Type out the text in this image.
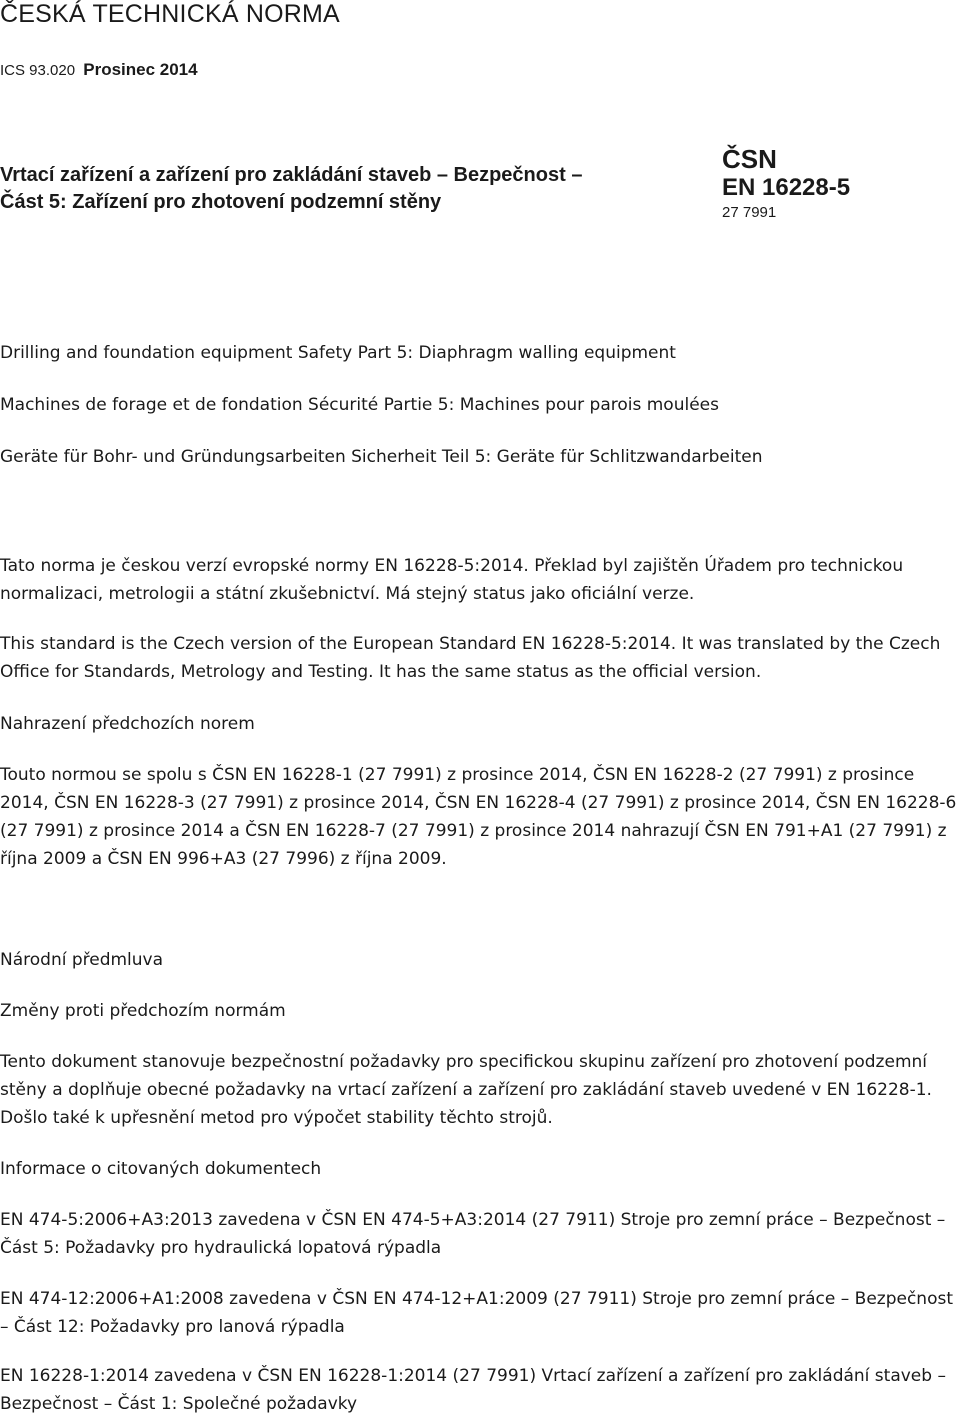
ČESKÁ TECHNICKÁ NORMA
ICS 93.020 Prosinec 2014
Vrtací zařízení a zařízení pro zakládání staveb – Bezpečnost –
Část 5: Zařízení pro zhotovení podzemní stěny
ČSN
EN 16228-5
27 7991
Drilling and foundation equipment Safety Part 5: Diaphragm walling equipment
Machines de forage et de fondation Sécurité Partie 5: Machines pour parois moulées
Geräte für Bohr- und Gründungsarbeiten Sicherheit Teil 5: Geräte für Schlitzwandarbeiten

Tato norma je českou verzí evropské normy EN 16228-5:2014. Překlad byl zajištěn Úřadem pro technickou normalizaci, metrologii a státní zkušebnictví. Má stejný status jako oficiální verze.

This standard is the Czech version of the European Standard EN 16228-5:2014. It was translated by the Czech Office for Standards, Metrology and Testing. It has the same status as the official version.

Nahrazení předchozích norem

Touto normou se spolu s ČSN EN 16228-1 (27 7991) z prosince 2014, ČSN EN 16228-2 (27 7991) z prosince 2014, ČSN EN 16228-3 (27 7991) z prosince 2014, ČSN EN 16228-4 (27 7991) z prosince 2014, ČSN EN 16228-6 (27 7991) z prosince 2014 a ČSN EN 16228-7 (27 7991) z prosince 2014 nahrazují ČSN EN 791+A1 (27 7991) z října 2009 a ČSN EN 996+A3 (27 7996) z října 2009.

Národní předmluva
Změny proti předchozím normám

Tento dokument stanovuje bezpečnostní požadavky pro specifickou skupinu zařízení pro zhotovení podzemní stěny a doplňuje obecné požadavky na vrtací zařízení a zařízení pro zakládání staveb uvedené v EN 16228-1. Došlo také k upřesnění metod pro výpočet stability těchto strojů.

Informace o citovaných dokumentech

EN 474-5:2006+A3:2013 zavedena v ČSN EN 474-5+A3:2014 (27 7911) Stroje pro zemní práce – Bezpečnost – Část 5: Požadavky pro hydraulická lopatová rýpadla

EN 474-12:2006+A1:2008 zavedena v ČSN EN 474-12+A1:2009 (27 7911) Stroje pro zemní práce – Bezpečnost – Část 12: Požadavky pro lanová rýpadla

EN 16228-1:2014 zavedena v ČSN EN 16228-1:2014 (27 7991) Vrtací zařízení a zařízení pro zakládání staveb – Bezpečnost – Část 1: Společné požadavky
